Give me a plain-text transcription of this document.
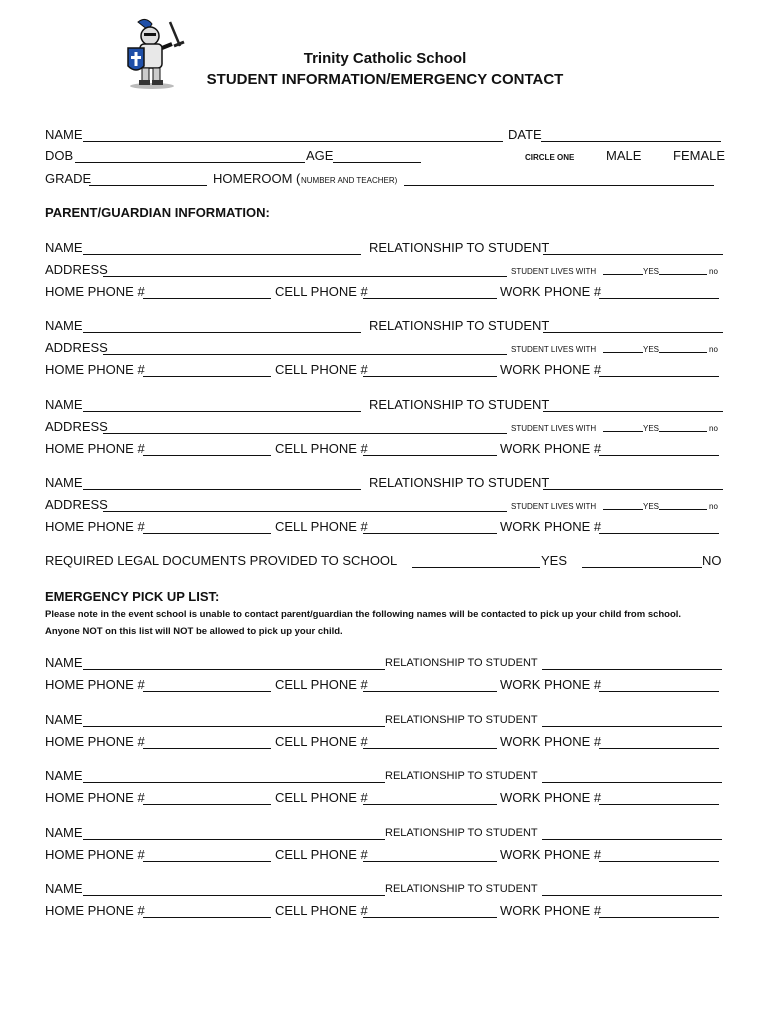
Trinity Catholic School
STUDENT INFORMATION/EMERGENCY CONTACT
NAME	DATE
DOB	AGE	CIRCLE ONE MALE FEMALE
GRADE	HOMEROOM ( NUMBER AND TEACHER)
PARENT/GUARDIAN INFORMATION:
NAME	RELATIONSHIP TO STUDENT
ADDRESS	STUDENT LIVES WITH	YES	no
HOME PHONE #	CELL PHONE #	WORK PHONE #
NAME	RELATIONSHIP TO STUDENT
ADDRESS	STUDENT LIVES WITH	YES	no
HOME PHONE #	CELL PHONE #	WORK PHONE #
NAME	RELATIONSHIP TO STUDENT
ADDRESS	STUDENT LIVES WITH	YES	no
HOME PHONE #	CELL PHONE #	WORK PHONE #
NAME	RELATIONSHIP TO STUDENT
ADDRESS	STUDENT LIVES WITH	YES	no
HOME PHONE #	CELL PHONE #	WORK PHONE #
REQUIRED LEGAL DOCUMENTS PROVIDED TO SCHOOL	YES	NO
EMERGENCY PICK UP LIST:
Please note in the event school is unable to contact parent/guardian the following names will be contacted to pick up your child from school.
Anyone NOT on this list will NOT be allowed to pick up your child.
NAME	RELATIONSHIP TO STUDENT
HOME PHONE #	CELL PHONE #	WORK PHONE #
NAME	RELATIONSHIP TO STUDENT
HOME PHONE #	CELL PHONE #	WORK PHONE #
NAME	RELATIONSHIP TO STUDENT
HOME PHONE #	CELL PHONE #	WORK PHONE #
NAME	RELATIONSHIP TO STUDENT
HOME PHONE #	CELL PHONE #	WORK PHONE #
NAME	RELATIONSHIP TO STUDENT
HOME PHONE #	CELL PHONE #	WORK PHONE #
